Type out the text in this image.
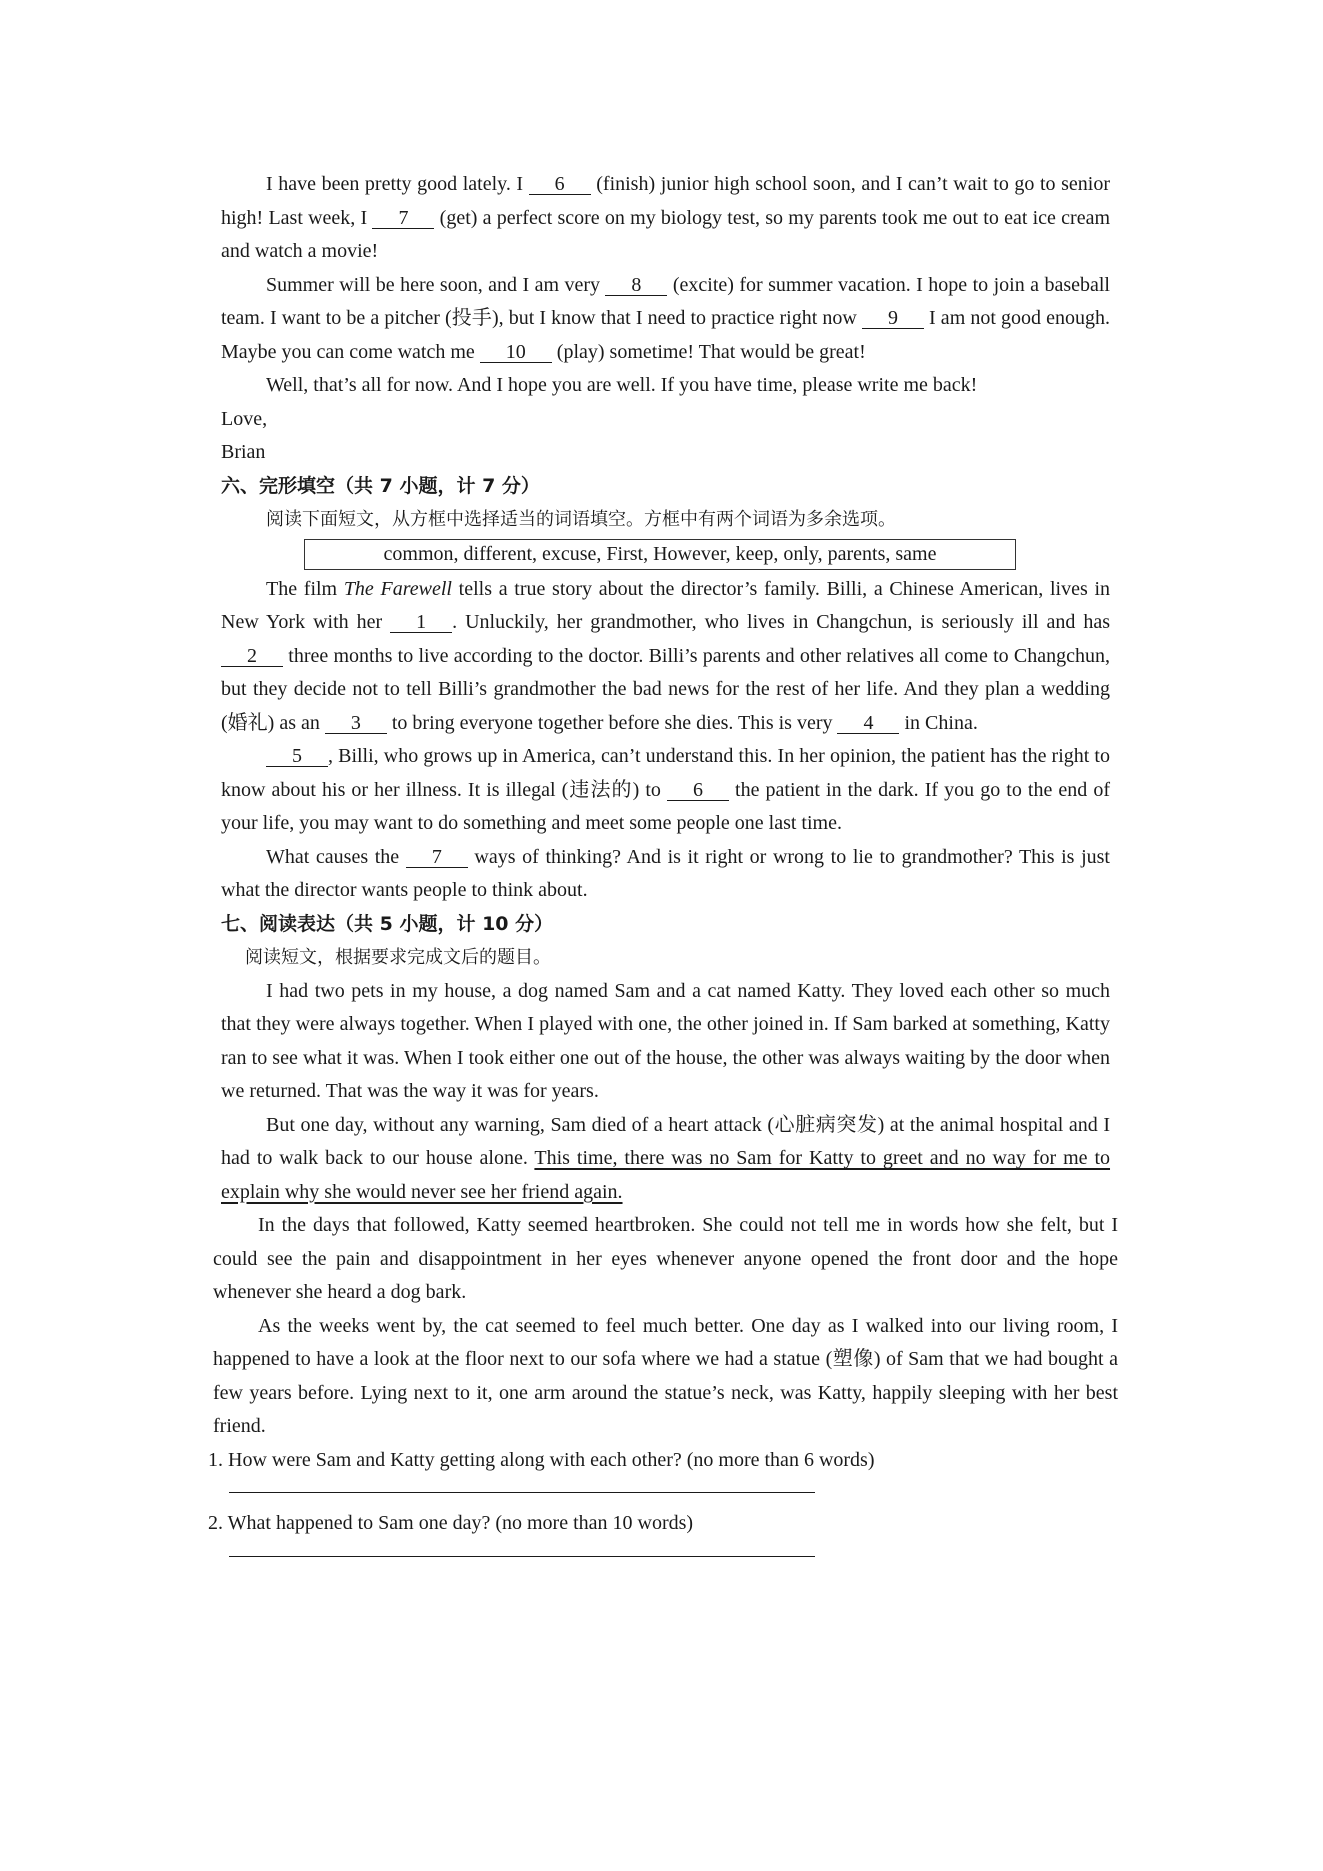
I have been pretty good lately. I 6 (finish) junior high school soon, and I can’t wait to go to senior high! Last week, I 7 (get) a perfect score on my biology test, so my parents took me out to eat ice cream and watch a movie!

Summer will be here soon, and I am very 8 (excite) for summer vacation. I hope to join a baseball team. I want to be a pitcher (投手), but I know that I need to practice right now 9 I am not good enough. Maybe you can come watch me 10 (play) sometime! That would be great!

Well, that’s all for now. And I hope you are well. If you have time, please write me back!

Love,

Brian

六、完形填空（共 7 小题，计 7 分）

阅读下面短文，从方框中选择适当的词语填空。方框中有两个词语为多余选项。

common, different, excuse, First, However, keep, only, parents, same

The film The Farewell tells a true story about the director’s family. Billi, a Chinese American, lives in New York with her 1 . Unluckily, her grandmother, who lives in Changchun, is seriously ill and has 2 three months to live according to the doctor. Billi’s parents and other relatives all come to Changchun, but they decide not to tell Billi’s grandmother the bad news for the rest of her life. And they plan a wedding (婚礼) as an 3 to bring everyone together before she dies. This is very 4 in China.

5 , Billi, who grows up in America, can’t understand this. In her opinion, the patient has the right to know about his or her illness. It is illegal (违法的) to 6 the patient in the dark. If you go to the end of your life, you may want to do something and meet some people one last time.

What causes the 7 ways of thinking? And is it right or wrong to lie to grandmother? This is just what the director wants people to think about.

七、阅读表达（共 5 小题，计 10 分）

阅读短文，根据要求完成文后的题目。

I had two pets in my house, a dog named Sam and a cat named Katty. They loved each other so much that they were always together. When I played with one, the other joined in. If Sam barked at something, Katty ran to see what it was. When I took either one out of the house, the other was always waiting by the door when we returned. That was the way it was for years.

But one day, without any warning, Sam died of a heart attack (心脏病突发) at the animal hospital and I had to walk back to our house alone. This time, there was no Sam for Katty to greet and no way for me to explain why she would never see her friend again.

In the days that followed, Katty seemed heartbroken. She could not tell me in words how she felt, but I could see the pain and disappointment in her eyes whenever anyone opened the front door and the hope whenever she heard a dog bark.

As the weeks went by, the cat seemed to feel much better. One day as I walked into our living room, I happened to have a look at the floor next to our sofa where we had a statue (塑像) of Sam that we had bought a few years before. Lying next to it, one arm around the statue’s neck, was Katty, happily sleeping with her best friend.

1. How were Sam and Katty getting along with each other? (no more than 6 words)

2. What happened to Sam one day? (no more than 10 words)
